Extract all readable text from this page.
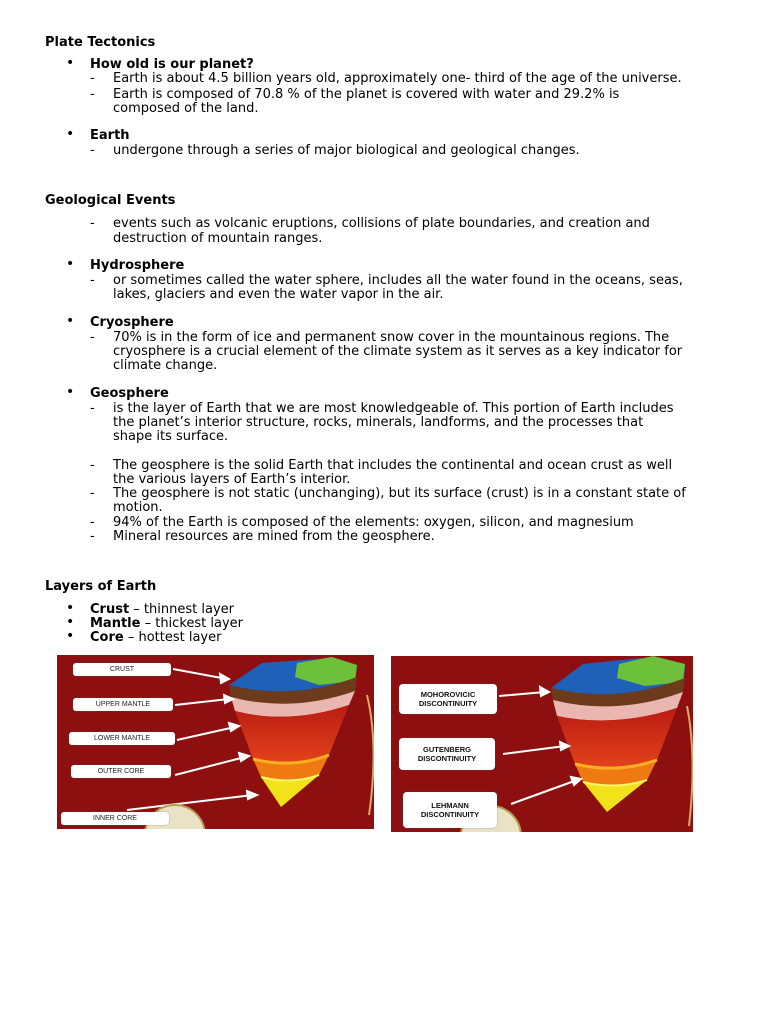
Plate Tectonics
• How old is our planet?
- Earth is about 4.5 billion years old, approximately one- third of the age of the universe.
- Earth is composed of 70.8 % of the planet is covered with water and 29.2% is
composed of the land.
• Earth
- undergone through a series of major biological and geological changes.
Geological Events
- events such as volcanic eruptions, collisions of plate boundaries, and creation and
destruction of mountain ranges.
• Hydrosphere
- or sometimes called the water sphere, includes all the water found in the oceans, seas,
lakes, glaciers and even the water vapor in the air.
• Cryosphere
- 70% is in the form of ice and permanent snow cover in the mountainous regions. The
cryosphere is a crucial element of the climate system as it serves as a key indicator for
climate change.
• Geosphere
- is the layer of Earth that we are most knowledgeable of. This portion of Earth includes
the planet’s interior structure, rocks, minerals, landforms, and the processes that
shape its surface.
- The geosphere is the solid Earth that includes the continental and ocean crust as well
the various layers of Earth’s interior.
- The geosphere is not static (unchanging), but its surface (crust) is in a constant state of
motion.
- 94% of the Earth is composed of the elements: oxygen, silicon, and magnesium
- Mineral resources are mined from the geosphere.
Layers of Earth
• Crust – thinnest layer
• Mantle – thickest layer
• Core – hottest layer
CRUST
UPPER MANTLE
LOWER MANTLE
OUTER CORE
INNER CORE
MOHOROVICIC
DISCONTINUITY
GUTENBERG
DISCONTINUITY
LEHMANN
DISCONTINUITY
